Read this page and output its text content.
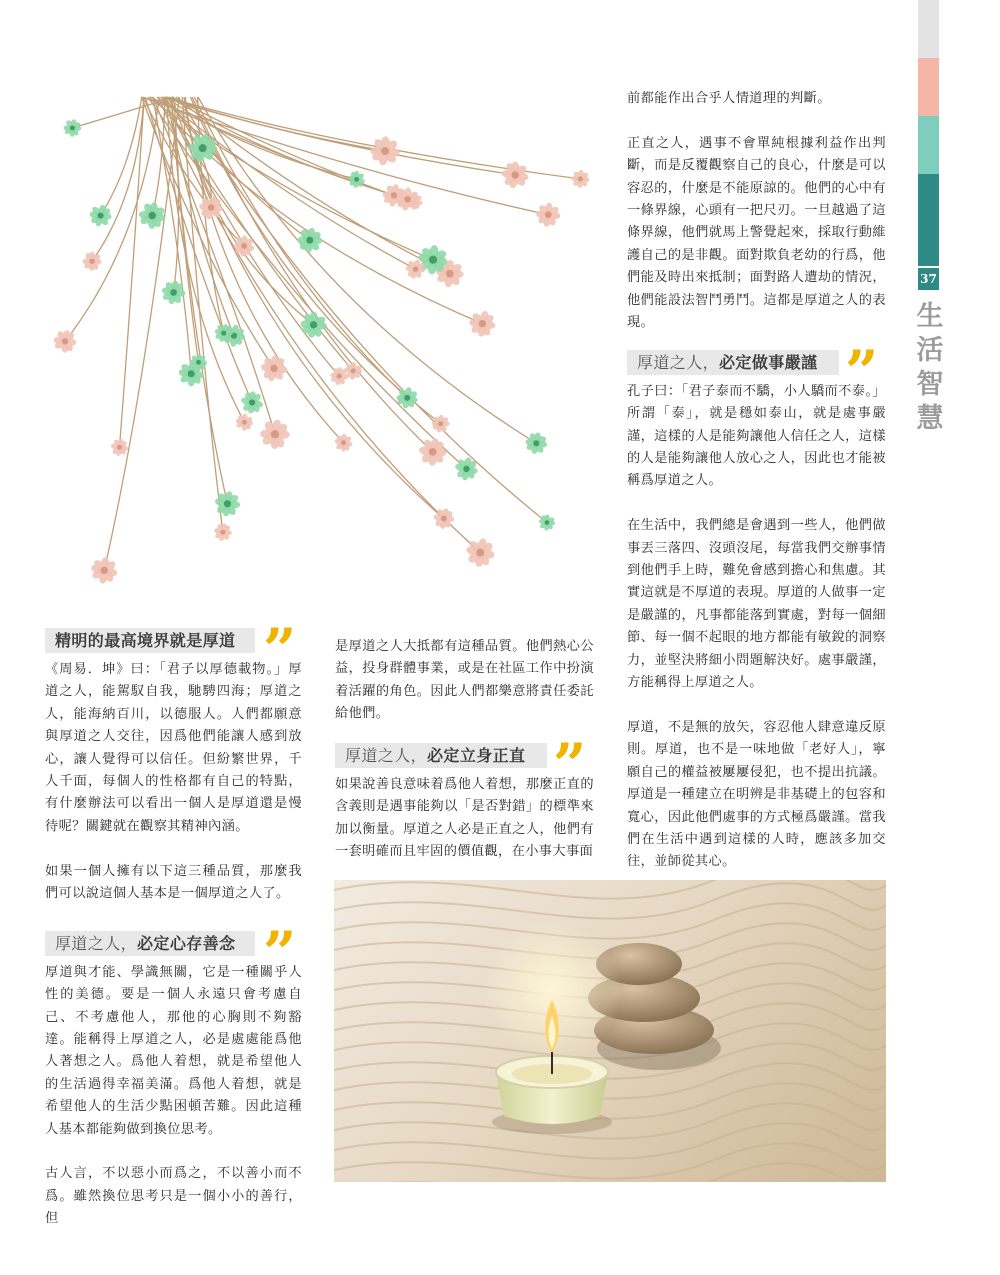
37
生活智慧
精明的最高境界就是厚道 ”

《周易．坤》曰：「君子以厚德載物。」厚道之人，能駕馭自我，馳騁四海；厚道之人，能海納百川，以德服人。人們都願意與厚道之人交往，因爲他們能讓人感到放心，讓人覺得可以信任。但紛繁世界，千人千面，每個人的性格都有自己的特點，有什麼辦法可以看出一個人是厚道還是慢待呢？關鍵就在觀察其精神內涵。

如果一個人擁有以下這三種品質，那麼我們可以說這個人基本是一個厚道之人了。

厚道之人，必定心存善念 ”

厚道與才能、學識無關，它是一種關乎人性的美德。要是一個人永遠只會考慮自己、不考慮他人，那他的心胸則不夠豁達。能稱得上厚道之人，必是處處能爲他人著想之人。爲他人着想，就是希望他人的生活過得幸福美滿。爲他人着想，就是希望他人的生活少點困頓苦難。因此這種人基本都能夠做到換位思考。

古人言，不以惡小而爲之，不以善小而不爲。雖然換位思考只是一個小小的善行，但

是厚道之人大抵都有這種品質。他們熱心公益，投身群體事業，或是在社區工作中扮演着活躍的角色。因此人們都樂意將責任委託給他們。

厚道之人，必定立身正直 ”

如果說善良意味着爲他人着想，那麼正直的含義則是遇事能夠以「是否對錯」的標準來加以衡量。厚道之人必是正直之人，他們有一套明確而且牢固的價值觀，在小事大事面

前都能作出合乎人情道理的判斷。

正直之人，遇事不會單純根據利益作出判斷，而是反覆觀察自己的良心，什麼是可以容忍的，什麼是不能原諒的。他們的心中有一條界線，心頭有一把尺刃。一旦越過了這條界線，他們就馬上警覺起來，採取行動維護自己的是非觀。面對欺負老幼的行爲，他們能及時出來抵制；面對路人遭劫的情況，他們能設法智鬥勇鬥。這都是厚道之人的表現。

厚道之人，必定做事嚴謹 ”

孔子曰：「君子泰而不驕，小人驕而不泰。」所謂「泰」，就是穩如泰山，就是處事嚴謹，這樣的人是能夠讓他人信任之人，這樣的人是能夠讓他人放心之人，因此也才能被稱爲厚道之人。

在生活中，我們總是會遇到一些人，他們做事丟三落四、沒頭沒尾，每當我們交辦事情到他們手上時，難免會感到擔心和焦慮。其實這就是不厚道的表現。厚道的人做事一定是嚴謹的，凡事都能落到實處，對每一個細節、每一個不起眼的地方都能有敏銳的洞察力，並堅決將細小問題解決好。處事嚴謹，方能稱得上厚道之人。

厚道，不是無的放矢，容忍他人肆意違反原則。厚道，也不是一味地做「老好人」，寧願自己的權益被屢屢侵犯，也不提出抗議。厚道是一種建立在明辨是非基礎上的包容和寬心，因此他們處事的方式極爲嚴謹。當我們在生活中遇到這樣的人時，應該多加交往，並師從其心。
